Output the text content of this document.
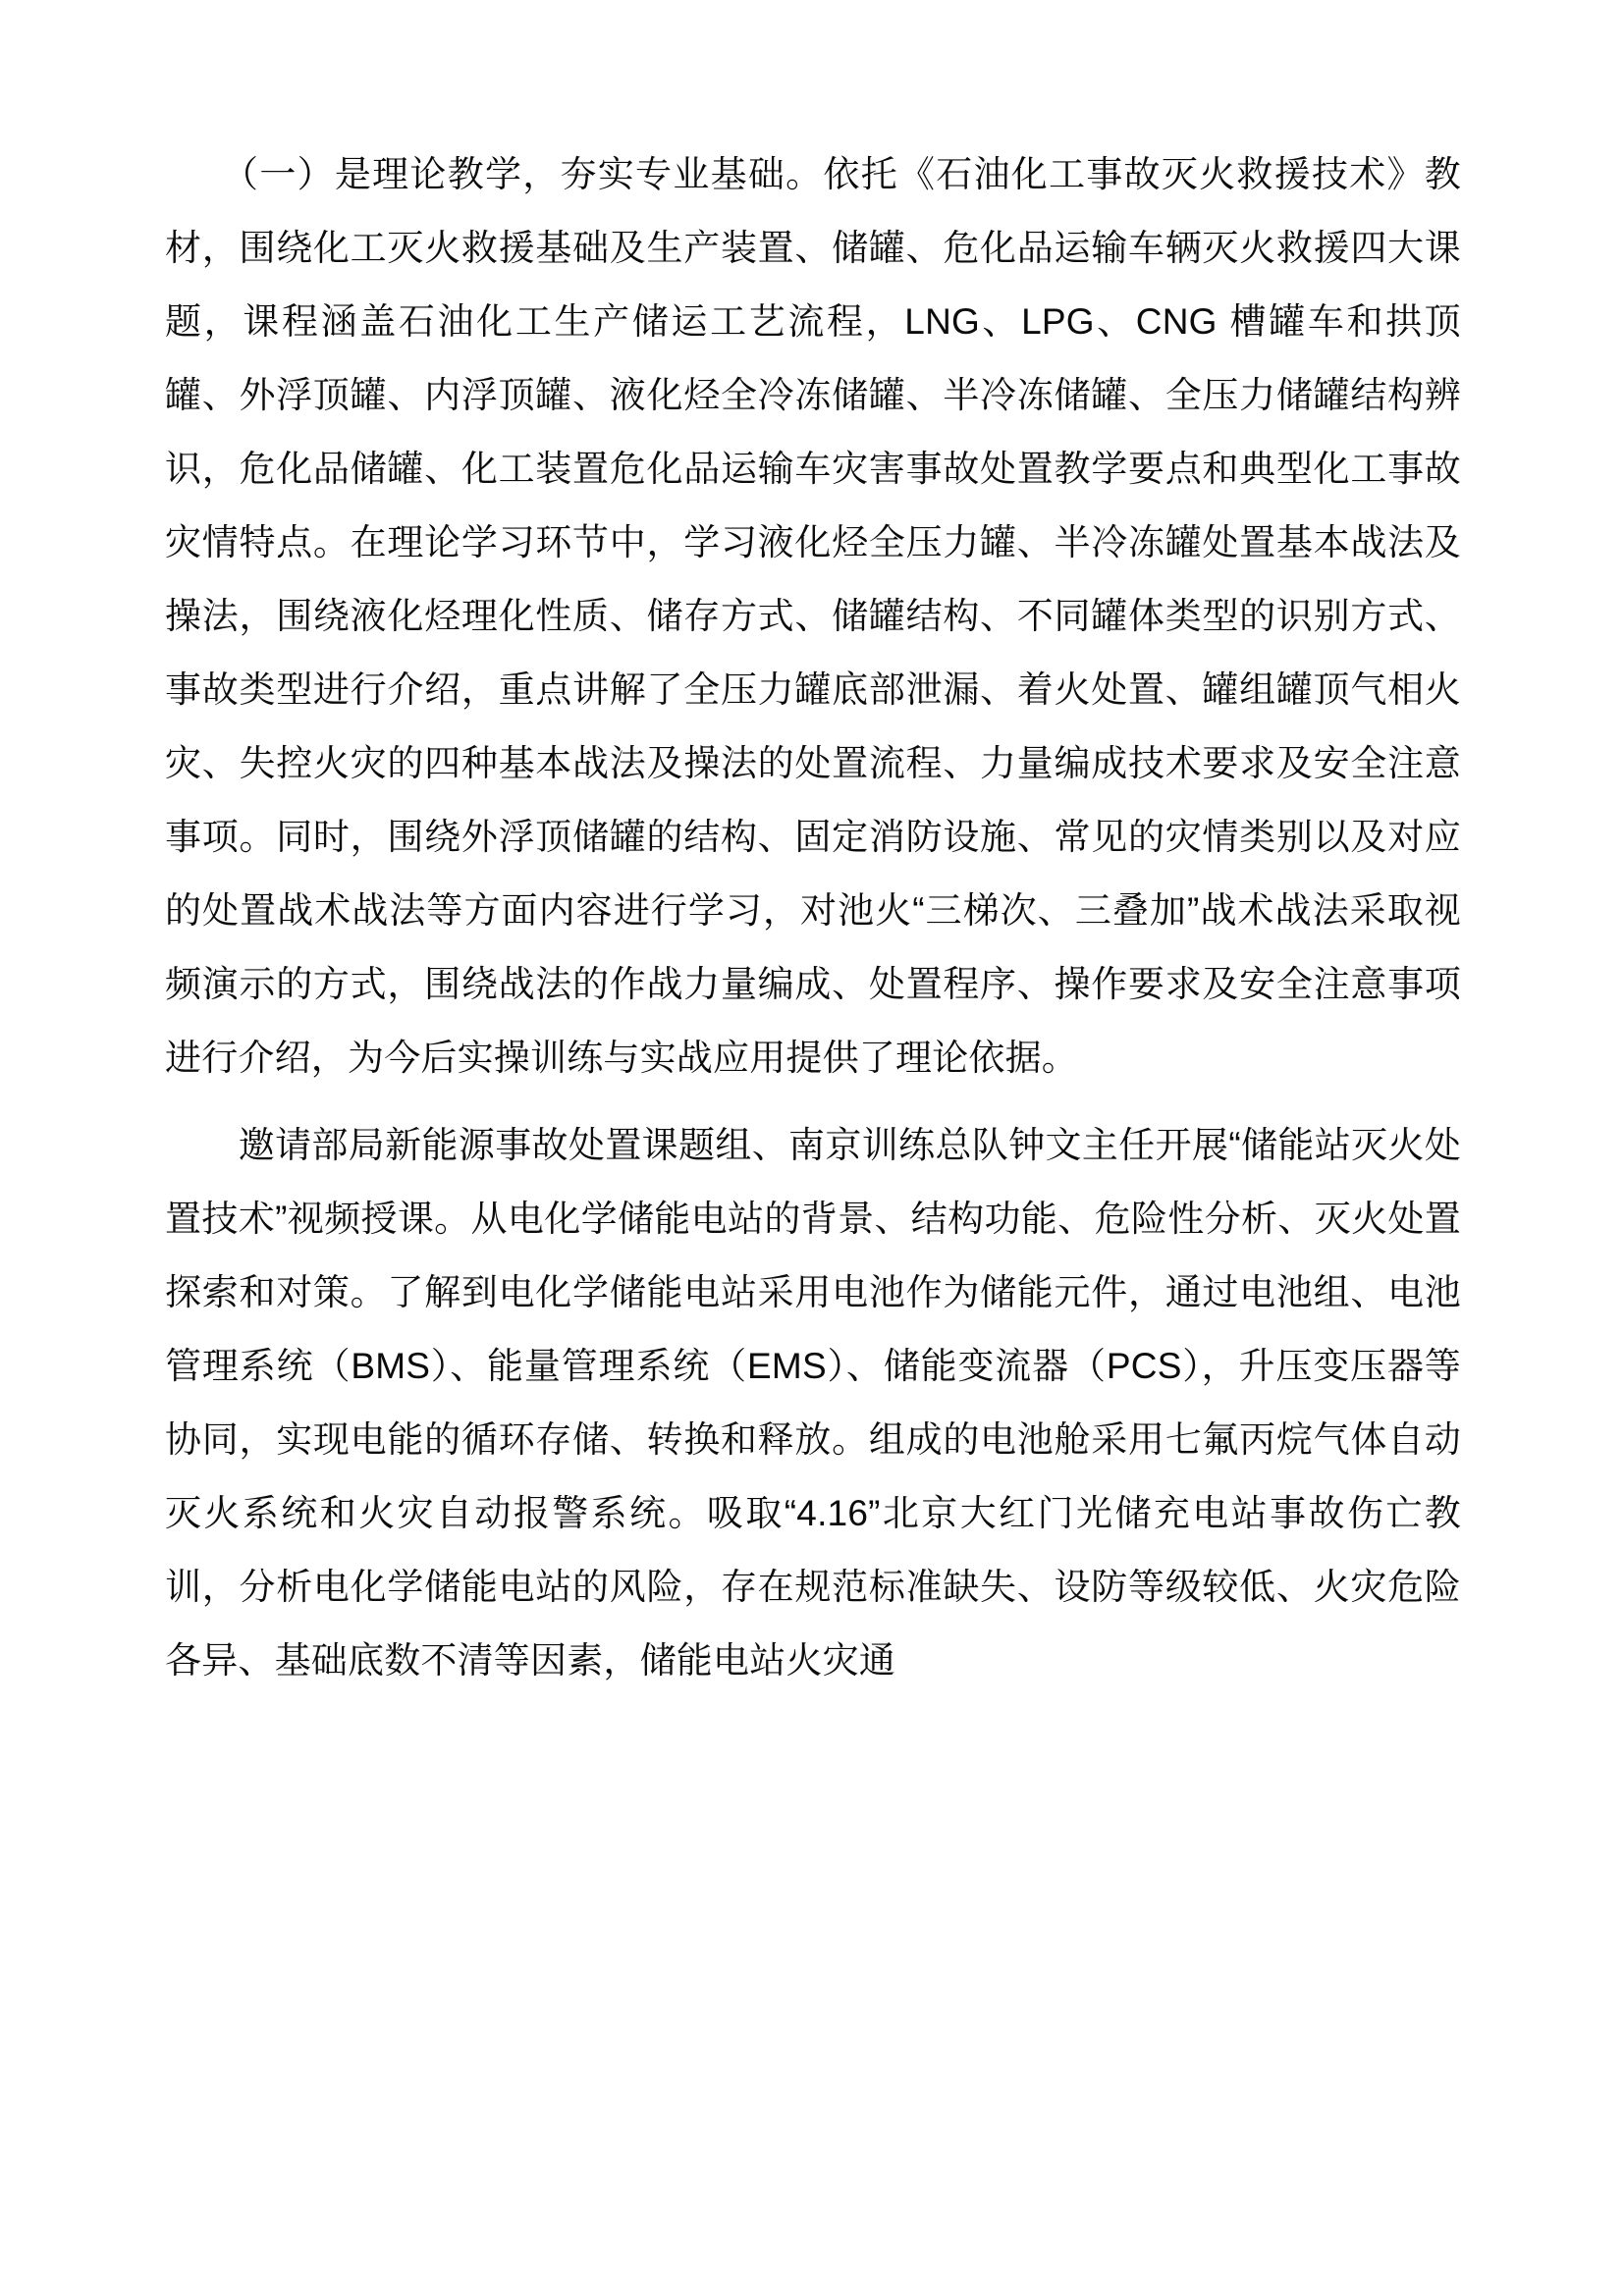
　　（一）是理论教学，夯实专业基础。依托《石油化工事故灭火救援技术》教材，围绕化工灭火救援基础及生产装置、储罐、危化品运输车辆灭火救援四大课题，课程涵盖石油化工生产储运工艺流程，LNG、LPG、CNG 槽罐车和拱顶罐、外浮顶罐、内浮顶罐、液化烃全冷冻储罐、半冷冻储罐、全压力储罐结构辨识，危化品储罐、化工装置危化品运输车灾害事故处置教学要点和典型化工事故灾情特点。在理论学习环节中，学习液化烃全压力罐、半冷冻罐处置基本战法及操法，围绕液化烃理化性质、储存方式、储罐结构、不同罐体类型的识别方式、事故类型进行介绍，重点讲解了全压力罐底部泄漏、着火处置、罐组罐顶气相火灾、失控火灾的四种基本战法及操法的处置流程、力量编成技术要求及安全注意事项。同时，围绕外浮顶储罐的结构、固定消防设施、常见的灾情类别以及对应的处置战术战法等方面内容进行学习，对池火“三梯次、三叠加”战术战法采取视频演示的方式，围绕战法的作战力量编成、处置程序、操作要求及安全注意事项进行介绍，为今后实操训练与实战应用提供了理论依据。

　　邀请部局新能源事故处置课题组、南京训练总队钟文主任开展“储能站灭火处置技术”视频授课。从电化学储能电站的背景、结构功能、危险性分析、灭火处置探索和对策。了解到电化学储能电站采用电池作为储能元件，通过电池组、电池管理系统（BMS）、能量管理系统（EMS）、储能变流器（PCS），升压变压器等协同，实现电能的循环存储、转换和释放。组成的电池舱采用七氟丙烷气体自动灭火系统和火灾自动报警系统。吸取“4.16”北京大红门光储充电站事故伤亡教训，分析电化学储能电站的风险，存在规范标准缺失、设防等级较低、火灾危险各异、基础底数不清等因素，储能电站火灾通
